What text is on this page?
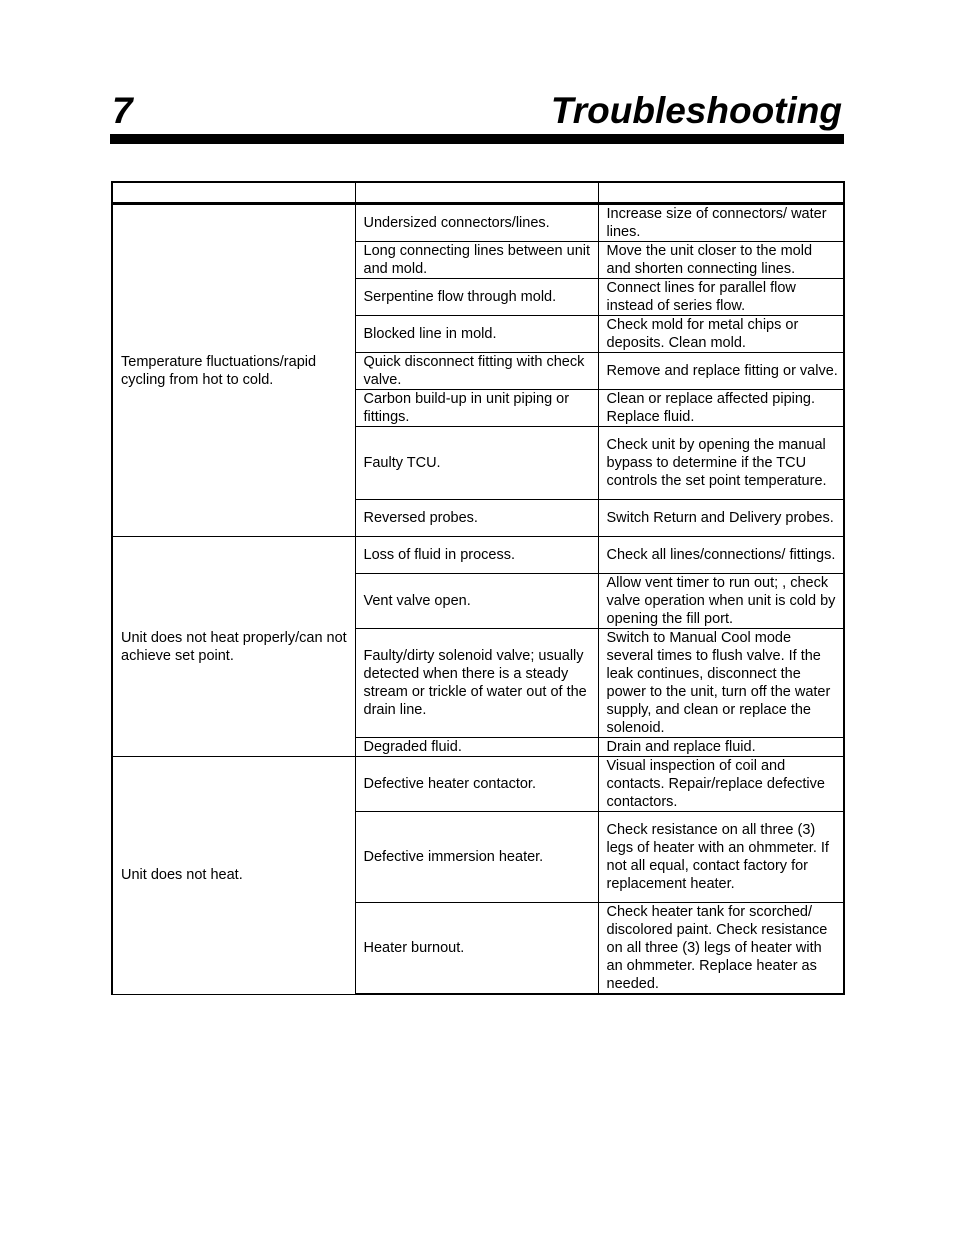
7	Troubleshooting

Temperature fluctuations/rapid cycling from hot to cold.	Undersized connectors/lines.	Increase size of connectors/ water lines.
	Long connecting lines between unit and mold.	Move the unit closer to the mold and shorten connecting lines.
	Serpentine flow through mold.	Connect lines for parallel flow instead of series flow.
	Blocked line in mold.	Check mold for metal chips or deposits. Clean mold.
	Quick disconnect fitting with check valve.	Remove and replace fitting or valve.
	Carbon build-up in unit piping or fittings.	Clean or replace affected piping. Replace fluid.
	Faulty TCU.	Check unit by opening the manual bypass to determine if the TCU controls the set point temperature.
	Reversed probes.	Switch Return and Delivery probes.
Unit does not heat properly/can not achieve set point.	Loss of fluid in process.	Check all lines/connections/ fittings.
	Vent valve open.	Allow vent timer to run out; , check valve operation when unit is cold by opening the fill port.
	Faulty/dirty solenoid valve; usually detected when there is a steady stream or trickle of water out of the drain line.	Switch to Manual Cool mode several times to flush valve. If the leak continues, disconnect the power to the unit, turn off the water supply, and clean or replace the solenoid.
	Degraded fluid.	Drain and replace fluid.
Unit does not heat.	Defective heater contactor.	Visual inspection of coil and contacts. Repair/replace defective contactors.
	Defective immersion heater.	Check resistance on all three (3) legs of heater with an ohmmeter. If not all equal, contact factory for replacement heater.
	Heater burnout.	Check heater tank for scorched/ discolored paint. Check resistance on all three (3) legs of heater with an ohmmeter. Replace heater as needed.
